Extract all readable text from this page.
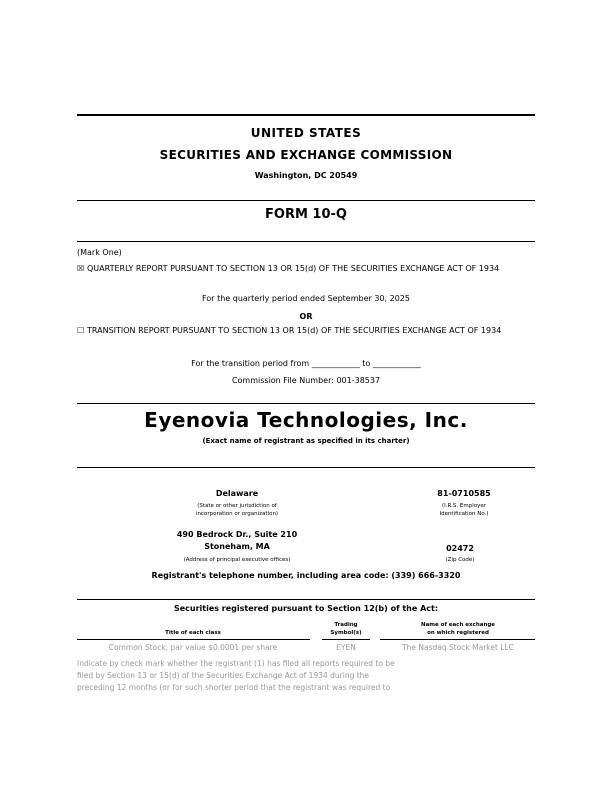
UNITED STATES
SECURITIES AND EXCHANGE COMMISSION
Washington, DC 20549
FORM 10-Q
(Mark One)
☒ QUARTERLY REPORT PURSUANT TO SECTION 13 OR 15(d) OF THE SECURITIES EXCHANGE ACT OF 1934
For the quarterly period ended September 30, 2025
OR
☐ TRANSITION REPORT PURSUANT TO SECTION 13 OR 15(d) OF THE SECURITIES EXCHANGE ACT OF 1934
For the transition period from ____________ to ____________
Commission File Number: 001-38537
Eyenovia Technologies, Inc.
(Exact name of registrant as specified in its charter)
Delaware
(State or other jurisdiction of
incorporation or organization)
81-0710585
(I.R.S. Employer
Identification No.)
490 Bedrock Dr., Suite 210
Stoneham, MA
(Address of principal executive offices)
02472
(Zip Code)
Registrant's telephone number, including area code: (339) 666-3320
Securities registered pursuant to Section 12(b) of the Act:
Title of each class
Trading
Symbol(s)
Name of each exchange
on which registered
Common Stock, par value $0.0001 per share	EYEN	The Nasdaq Stock Market LLC
Indicate by check mark whether the registrant (1) has filed all reports required to be
filed by Section 13 or 15(d) of the Securities Exchange Act of 1934 during the
preceding 12 months (or for such shorter period that the registrant was required to
